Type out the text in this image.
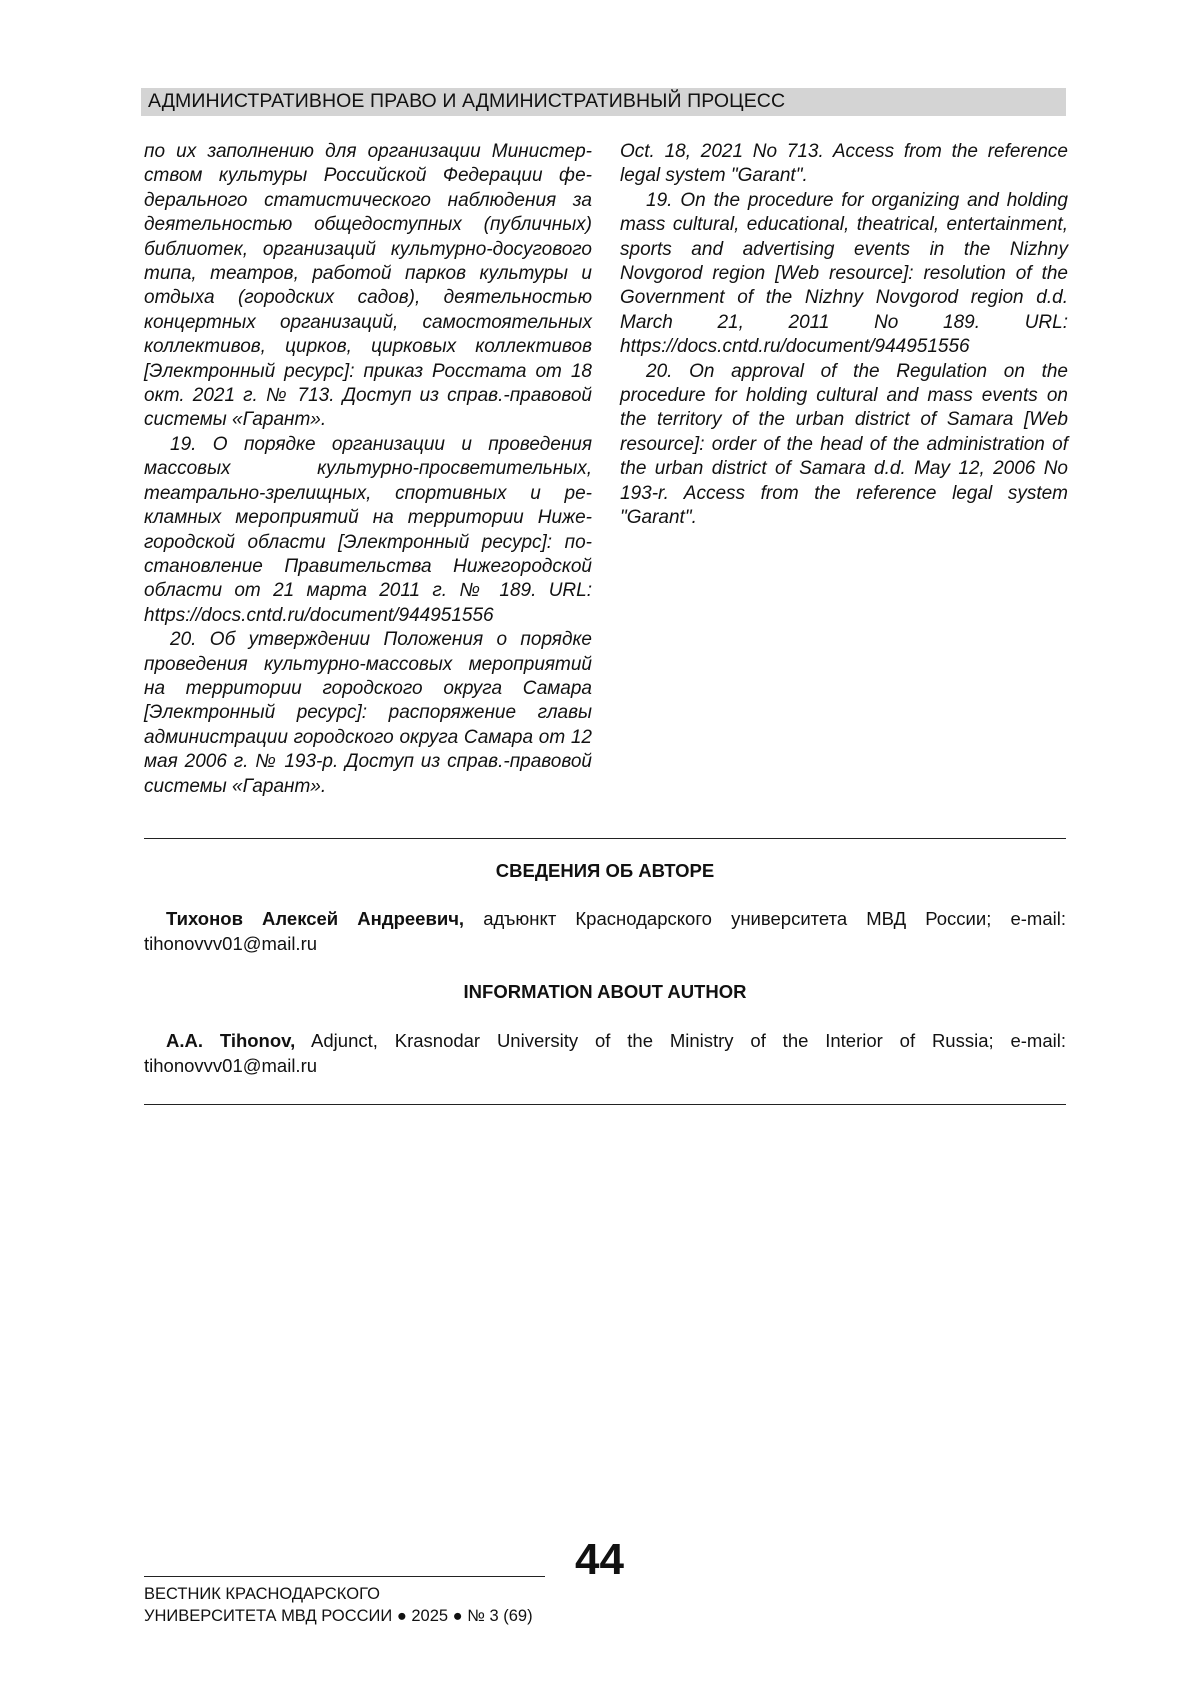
АДМИНИСТРАТИВНОЕ ПРАВО И АДМИНИСТРАТИВНЫЙ ПРОЦЕСС

по их заполнению для организации Министерством культуры Российской Федерации федерального статистического наблюдения за деятельностью общедоступных (публичных) библиотек, организаций культурно-досугового типа, театров, работой парков культуры и отдыха (городских садов), деятельностью концертных организаций, самостоятельных коллективов, цирков, цирковых коллективов [Электронный ресурс]: приказ Росстата от 18 окт. 2021 г. № 713. Доступ из справ.-правовой системы «Гарант».

19. О порядке организации и проведения массовых культурно-просветительных, театрально-зрелищных, спортивных и рекламных мероприятий на территории Нижегородской области [Электронный ресурс]: постановление Правительства Нижегородской области от 21 марта 2011 г. № 189. URL: https://docs.cntd.ru/document/944951556

20. Об утверждении Положения о порядке проведения культурно-массовых мероприятий на территории городского округа Самара [Электронный ресурс]: распоряжение главы администрации городского округа Самара от 12 мая 2006 г. № 193-р. Доступ из справ.-правовой системы «Гарант».

Oct. 18, 2021 No 713. Access from the reference legal system "Garant".

19. On the procedure for organizing and holding mass cultural, educational, theatrical, entertainment, sports and advertising events in the Nizhny Novgorod region [Web resource]: resolution of the Government of the Nizhny Novgorod region d.d. March 21, 2011 No 189. URL: https://docs.cntd.ru/document/944951556

20. On approval of the Regulation on the procedure for holding cultural and mass events on the territory of the urban district of Samara [Web resource]: order of the head of the administration of the urban district of Samara d.d. May 12, 2006 No 193-r. Access from the reference legal system "Garant".

СВЕДЕНИЯ ОБ АВТОРЕ

Тихонов Алексей Андреевич, адъюнкт Краснодарского университета МВД России; e-mail: tihonovvv01@mail.ru

INFORMATION ABOUT AUTHOR

A.A. Tihonov, Adjunct, Krasnodar University of the Ministry of the Interior of Russia; e-mail: tihonovvv01@mail.ru

44
ВЕСТНИК КРАСНОДАРСКОГО
УНИВЕРСИТЕТА МВД РОССИИ ● 2025 ● № 3 (69)
